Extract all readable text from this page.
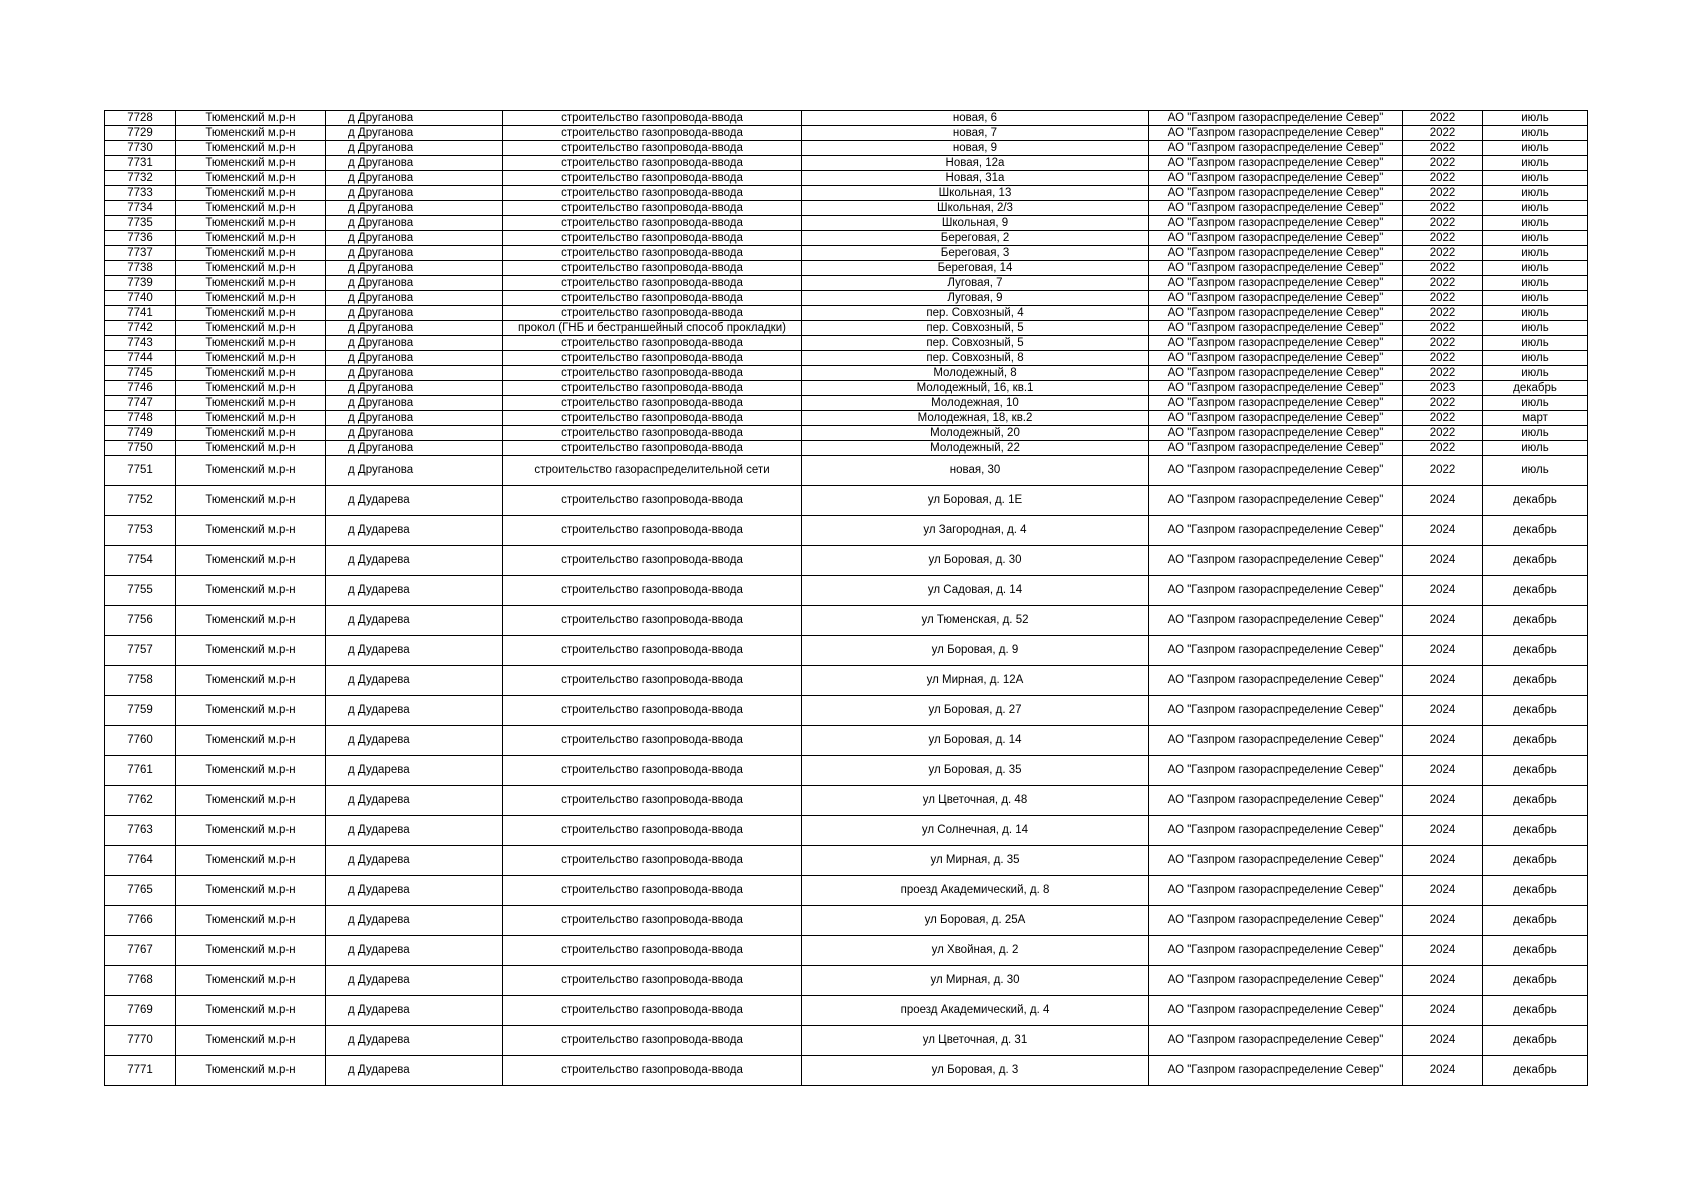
7728	Тюменский м.р-н	д Друганова	строительство газопровода-ввода	новая, 6	АО "Газпром газораспределение Север"	2022	июль
7729	Тюменский м.р-н	д Друганова	строительство газопровода-ввода	новая, 7	АО "Газпром газораспределение Север"	2022	июль
7730	Тюменский м.р-н	д Друганова	строительство газопровода-ввода	новая, 9	АО "Газпром газораспределение Север"	2022	июль
7731	Тюменский м.р-н	д Друганова	строительство газопровода-ввода	Новая, 12а	АО "Газпром газораспределение Север"	2022	июль
7732	Тюменский м.р-н	д Друганова	строительство газопровода-ввода	Новая, 31а	АО "Газпром газораспределение Север"	2022	июль
7733	Тюменский м.р-н	д Друганова	строительство газопровода-ввода	Школьная, 13	АО "Газпром газораспределение Север"	2022	июль
7734	Тюменский м.р-н	д Друганова	строительство газопровода-ввода	Школьная, 2/3	АО "Газпром газораспределение Север"	2022	июль
7735	Тюменский м.р-н	д Друганова	строительство газопровода-ввода	Школьная, 9	АО "Газпром газораспределение Север"	2022	июль
7736	Тюменский м.р-н	д Друганова	строительство газопровода-ввода	Береговая, 2	АО "Газпром газораспределение Север"	2022	июль
7737	Тюменский м.р-н	д Друганова	строительство газопровода-ввода	Береговая, 3	АО "Газпром газораспределение Север"	2022	июль
7738	Тюменский м.р-н	д Друганова	строительство газопровода-ввода	Береговая, 14	АО "Газпром газораспределение Север"	2022	июль
7739	Тюменский м.р-н	д Друганова	строительство газопровода-ввода	Луговая, 7	АО "Газпром газораспределение Север"	2022	июль
7740	Тюменский м.р-н	д Друганова	строительство газопровода-ввода	Луговая, 9	АО "Газпром газораспределение Север"	2022	июль
7741	Тюменский м.р-н	д Друганова	строительство газопровода-ввода	пер. Совхозный, 4	АО "Газпром газораспределение Север"	2022	июль
7742	Тюменский м.р-н	д Друганова	прокол (ГНБ и бестраншейный способ прокладки)	пер. Совхозный, 5	АО "Газпром газораспределение Север"	2022	июль
7743	Тюменский м.р-н	д Друганова	строительство газопровода-ввода	пер. Совхозный, 5	АО "Газпром газораспределение Север"	2022	июль
7744	Тюменский м.р-н	д Друганова	строительство газопровода-ввода	пер. Совхозный, 8	АО "Газпром газораспределение Север"	2022	июль
7745	Тюменский м.р-н	д Друганова	строительство газопровода-ввода	Молодежный, 8	АО "Газпром газораспределение Север"	2022	июль
7746	Тюменский м.р-н	д Друганова	строительство газопровода-ввода	Молодежный, 16, кв.1	АО "Газпром газораспределение Север"	2023	декабрь
7747	Тюменский м.р-н	д Друганова	строительство газопровода-ввода	Молодежная, 10	АО "Газпром газораспределение Север"	2022	июль
7748	Тюменский м.р-н	д Друганова	строительство газопровода-ввода	Молодежная, 18, кв.2	АО "Газпром газораспределение Север"	2022	март
7749	Тюменский м.р-н	д Друганова	строительство газопровода-ввода	Молодежный, 20	АО "Газпром газораспределение Север"	2022	июль
7750	Тюменский м.р-н	д Друганова	строительство газопровода-ввода	Молодежный, 22	АО "Газпром газораспределение Север"	2022	июль
7751	Тюменский м.р-н	д Друганова	строительство газораспределительной сети	новая, 30	АО "Газпром газораспределение Север"	2022	июль
7752	Тюменский м.р-н	д Дударева	строительство газопровода-ввода	ул Боровая, д. 1Е	АО "Газпром газораспределение Север"	2024	декабрь
7753	Тюменский м.р-н	д Дударева	строительство газопровода-ввода	ул Загородная, д. 4	АО "Газпром газораспределение Север"	2024	декабрь
7754	Тюменский м.р-н	д Дударева	строительство газопровода-ввода	ул Боровая, д. 30	АО "Газпром газораспределение Север"	2024	декабрь
7755	Тюменский м.р-н	д Дударева	строительство газопровода-ввода	ул Садовая, д. 14	АО "Газпром газораспределение Север"	2024	декабрь
7756	Тюменский м.р-н	д Дударева	строительство газопровода-ввода	ул Тюменская, д. 52	АО "Газпром газораспределение Север"	2024	декабрь
7757	Тюменский м.р-н	д Дударева	строительство газопровода-ввода	ул Боровая, д. 9	АО "Газпром газораспределение Север"	2024	декабрь
7758	Тюменский м.р-н	д Дударева	строительство газопровода-ввода	ул Мирная, д. 12А	АО "Газпром газораспределение Север"	2024	декабрь
7759	Тюменский м.р-н	д Дударева	строительство газопровода-ввода	ул Боровая, д. 27	АО "Газпром газораспределение Север"	2024	декабрь
7760	Тюменский м.р-н	д Дударева	строительство газопровода-ввода	ул Боровая, д. 14	АО "Газпром газораспределение Север"	2024	декабрь
7761	Тюменский м.р-н	д Дударева	строительство газопровода-ввода	ул Боровая, д. 35	АО "Газпром газораспределение Север"	2024	декабрь
7762	Тюменский м.р-н	д Дударева	строительство газопровода-ввода	ул Цветочная, д. 48	АО "Газпром газораспределение Север"	2024	декабрь
7763	Тюменский м.р-н	д Дударева	строительство газопровода-ввода	ул Солнечная, д. 14	АО "Газпром газораспределение Север"	2024	декабрь
7764	Тюменский м.р-н	д Дударева	строительство газопровода-ввода	ул Мирная, д. 35	АО "Газпром газораспределение Север"	2024	декабрь
7765	Тюменский м.р-н	д Дударева	строительство газопровода-ввода	проезд Академический, д. 8	АО "Газпром газораспределение Север"	2024	декабрь
7766	Тюменский м.р-н	д Дударева	строительство газопровода-ввода	ул Боровая, д. 25А	АО "Газпром газораспределение Север"	2024	декабрь
7767	Тюменский м.р-н	д Дударева	строительство газопровода-ввода	ул Хвойная, д. 2	АО "Газпром газораспределение Север"	2024	декабрь
7768	Тюменский м.р-н	д Дударева	строительство газопровода-ввода	ул Мирная, д. 30	АО "Газпром газораспределение Север"	2024	декабрь
7769	Тюменский м.р-н	д Дударева	строительство газопровода-ввода	проезд Академический, д. 4	АО "Газпром газораспределение Север"	2024	декабрь
7770	Тюменский м.р-н	д Дударева	строительство газопровода-ввода	ул Цветочная, д. 31	АО "Газпром газораспределение Север"	2024	декабрь
7771	Тюменский м.р-н	д Дударева	строительство газопровода-ввода	ул Боровая, д. 3	АО "Газпром газораспределение Север"	2024	декабрь
